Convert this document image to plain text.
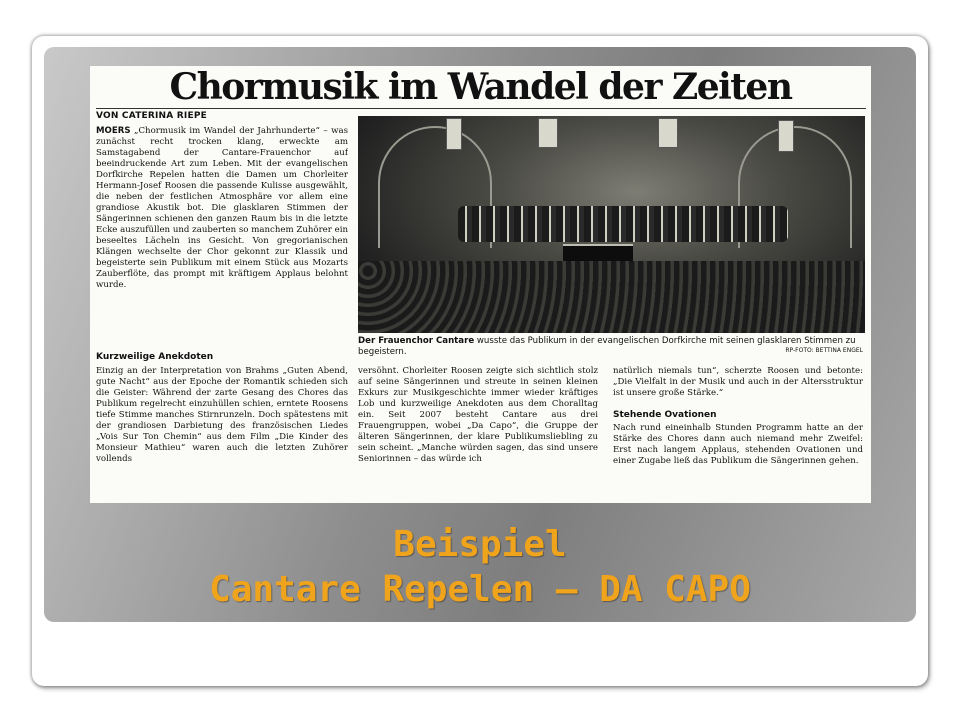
Chormusik im Wandel der Zeiten
VON CATERINA RIEPE
MOERS „Chormusik im Wandel der Jahrhunderte“ – was zunächst recht trocken klang, erweckte am Samstagabend der Cantare-Frauenchor auf beeindruckende Art zum Leben. Mit der evangelischen Dorfkirche Repelen hatten die Damen um Chorleiter Hermann-Josef Roosen die passende Kulisse ausgewählt, die neben der festlichen Atmosphäre vor allem eine grandiose Akustik bot. Die glasklaren Stimmen der Sängerinnen schienen den ganzen Raum bis in die letzte Ecke auszufüllen und zauberten so manchem Zuhörer ein beseeltes Lächeln ins Gesicht. Von gregorianischen Klängen wechselte der Chor gekonnt zur Klassik und begeisterte sein Publikum mit einem Stück aus Mozarts Zauberflöte, das prompt mit kräftigem Applaus belohnt wurde.
Kurzweilige Anekdoten
Einzig an der Interpretation von Brahms „Guten Abend, gute Nacht“ aus der Epoche der Romantik schieden sich die Geister: Während der zarte Gesang des Chores das Publikum regelrecht einzuhüllen schien, erntete Roosens tiefe Stimme manches Stirnrunzeln. Doch spätestens mit der grandiosen Darbietung des französischen Liedes „Vois Sur Ton Chemin“ aus dem Film „Die Kinder des Monsieur Mathieu“ waren auch die letzten Zuhörer vollends
Der Frauenchor Cantare wusste das Publikum in der evangelischen Dorfkirche mit seinen glasklaren Stimmen zu begeistern.	RP-FOTO: BETTINA ENGEL
versöhnt. Chorleiter Roosen zeigte sich sichtlich stolz auf seine Sängerinnen und streute in seinen kleinen Exkurs zur Musikgeschichte immer wieder kräftiges Lob und kurzweilige Anekdoten aus dem Choralltag ein. Seit 2007 besteht Cantare aus drei Frauengruppen, wobei „Da Capo“, die Gruppe der älteren Sängerinnen, der klare Publikumsliebling zu sein scheint. „Manche würden sagen, das sind unsere Seniorinnen – das würde ich
natürlich niemals tun“, scherzte Roosen und betonte: „Die Vielfalt in der Musik und auch in der Altersstruktur ist unsere große Stärke.“
Stehende Ovationen
Nach rund eineinhalb Stunden Programm hatte an der Stärke des Chores dann auch niemand mehr Zweifel: Erst nach langem Applaus, stehenden Ovationen und einer Zugabe ließ das Publikum die Sängerinnen gehen.
Beispiel
Cantare Repelen – DA CAPO
